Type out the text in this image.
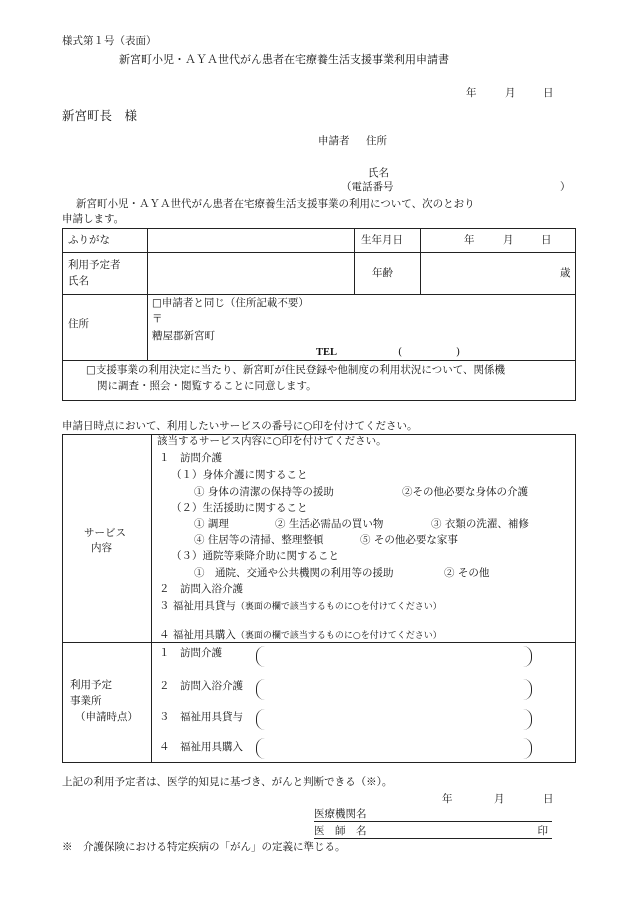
様式第１号（表面）
新宮町小児・ＡＹＡ世代がん患者在宅療養生活支援事業利用申請書
年	月	日
新宮町長　様
申請者 住所
氏名
（電話番号	）
新宮町小児・ＡＹＡ世代がん患者在宅療養生活支援事業の利用について、次のとおり
申請します。
ふりがな	生年月日	年	月	日
利用予定者
氏名
年齢	歳
住所
□申請者と同じ（住所記載不要）
〒
糟屋郡新宮町
TEL	(	)
□支援事業の利用決定に当たり、新宮町が住民登録や他制度の利用状況について、関係機
関に調査・照会・閲覧することに同意します。
申請日時点において、利用したいサービスの番号に○印を付けてください。
サービス
内容
該当するサービス内容に○印を付けてください。
１　訪問介護
（１）身体介護に関すること
① 身体の清潔の保持等の援助	②その他必要な身体の介護
（２）生活援助に関すること
① 調理	② 生活必需品の買い物	③ 衣類の洗濯、補修
④ 住居等の清掃、整理整頓	⑤ その他必要な家事
（３）通院等乗降介助に関すること
①　通院、交通や公共機関の利用等の援助	② その他
２　訪問入浴介護
３ 福祉用具貸与（裏面の欄で該当するものに○を付けてください）
４ 福祉用具購入（裏面の欄で該当するものに○を付けてください）
利用予定
事業所
（申請時点）
１　訪問介護
２　訪問入浴介護
３　福祉用具貸与
４　福祉用具購入
上記の利用予定者は、医学的知見に基づき、がんと判断できる（※）。
年	月	日
医療機関名
医　師　名	印
※　介護保険における特定疾病の「がん」の定義に準じる。
